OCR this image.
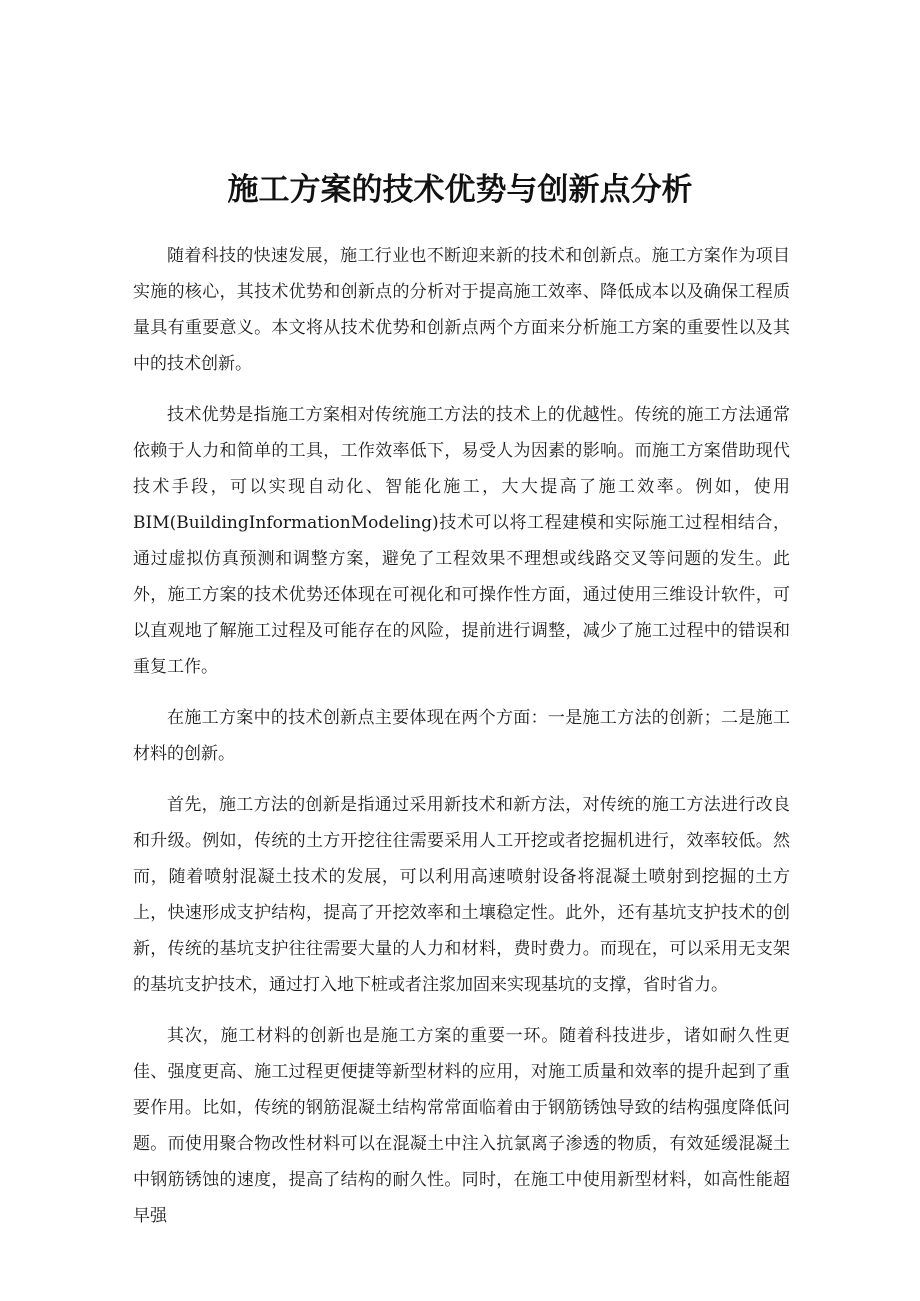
施工方案的技术优势与创新点分析

随着科技的快速发展，施工行业也不断迎来新的技术和创新点。施工方案作为项目实施的核心，其技术优势和创新点的分析对于提高施工效率、降低成本以及确保工程质量具有重要意义。本文将从技术优势和创新点两个方面来分析施工方案的重要性以及其中的技术创新。

技术优势是指施工方案相对传统施工方法的技术上的优越性。传统的施工方法通常依赖于人力和简单的工具，工作效率低下，易受人为因素的影响。而施工方案借助现代技术手段，可以实现自动化、智能化施工，大大提高了施工效率。例如，使用BIM(BuildingInformationModeling)技术可以将工程建模和实际施工过程相结合，通过虚拟仿真预测和调整方案，避免了工程效果不理想或线路交叉等问题的发生。此外，施工方案的技术优势还体现在可视化和可操作性方面，通过使用三维设计软件，可以直观地了解施工过程及可能存在的风险，提前进行调整，减少了施工过程中的错误和重复工作。

在施工方案中的技术创新点主要体现在两个方面：一是施工方法的创新；二是施工材料的创新。

首先，施工方法的创新是指通过采用新技术和新方法，对传统的施工方法进行改良和升级。例如，传统的土方开挖往往需要采用人工开挖或者挖掘机进行，效率较低。然而，随着喷射混凝土技术的发展，可以利用高速喷射设备将混凝土喷射到挖掘的土方上，快速形成支护结构，提高了开挖效率和土壤稳定性。此外，还有基坑支护技术的创新，传统的基坑支护往往需要大量的人力和材料，费时费力。而现在，可以采用无支架的基坑支护技术，通过打入地下桩或者注浆加固来实现基坑的支撑，省时省力。

其次，施工材料的创新也是施工方案的重要一环。随着科技进步，诸如耐久性更佳、强度更高、施工过程更便捷等新型材料的应用，对施工质量和效率的提升起到了重要作用。比如，传统的钢筋混凝土结构常常面临着由于钢筋锈蚀导致的结构强度降低问题。而使用聚合物改性材料可以在混凝土中注入抗氯离子渗透的物质，有效延缓混凝土中钢筋锈蚀的速度，提高了结构的耐久性。同时，在施工中使用新型材料，如高性能超早强
